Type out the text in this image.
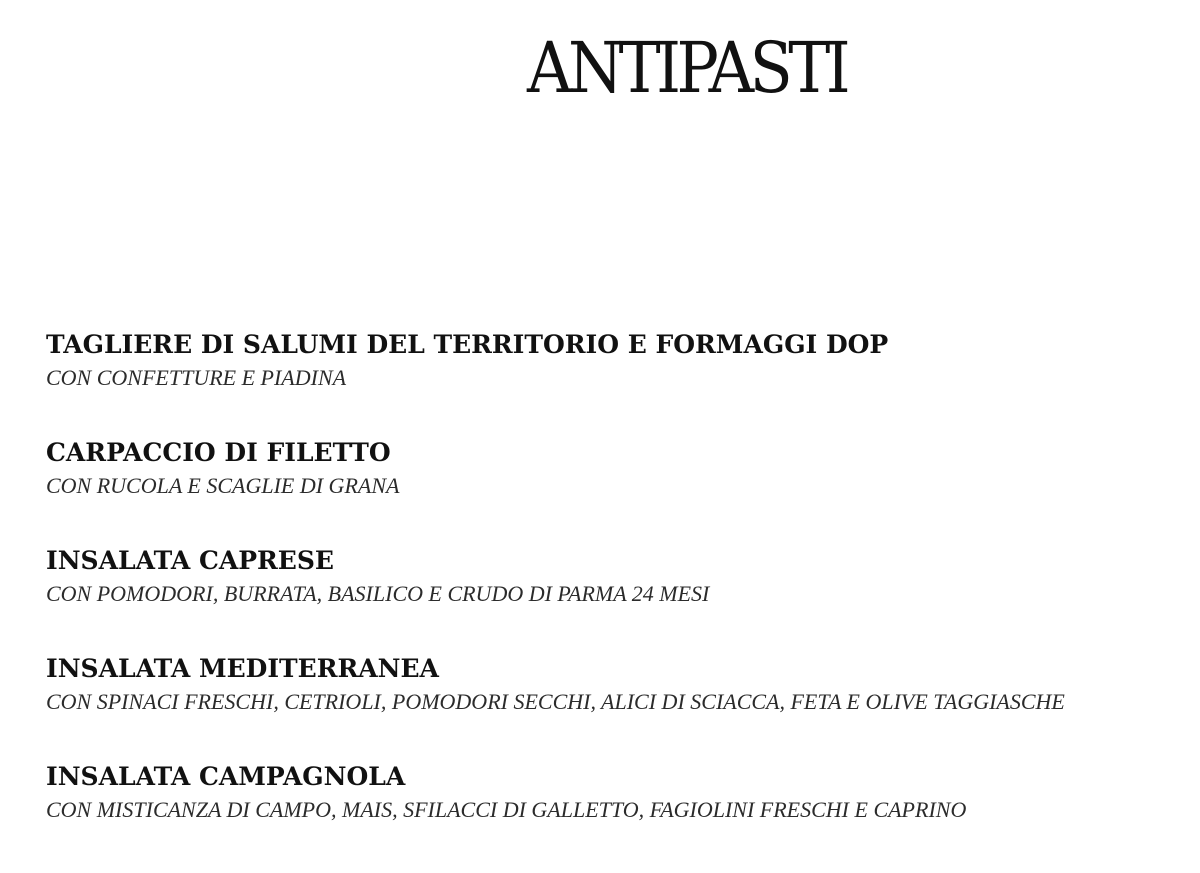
ANTIPASTI
TAGLIERE DI SALUMI DEL TERRITORIO E FORMAGGI DOP
CON CONFETTURE E PIADINA
CARPACCIO DI FILETTO
CON RUCOLA E SCAGLIE DI GRANA
INSALATA CAPRESE
CON POMODORI, BURRATA, BASILICO E CRUDO DI PARMA 24 MESI
INSALATA MEDITERRANEA
CON SPINACI FRESCHI, CETRIOLI, POMODORI SECCHI, ALICI DI SCIACCA, FETA E OLIVE TAGGIASCHE
INSALATA CAMPAGNOLA
CON MISTICANZA DI CAMPO, MAIS, SFILACCI DI GALLETTO, FAGIOLINI FRESCHI E CAPRINO
